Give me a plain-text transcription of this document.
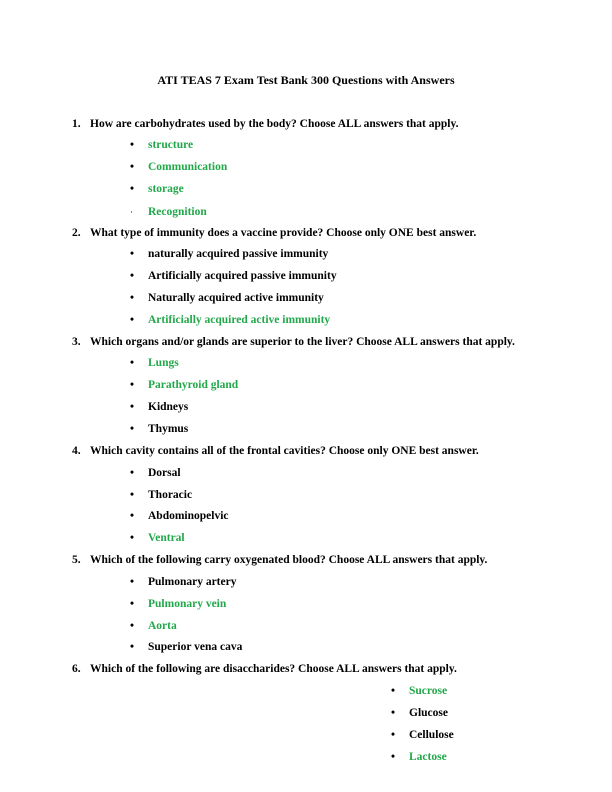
ATI TEAS 7 Exam Test Bank 300 Questions with Answers
1. How are carbohydrates used by the body? Choose ALL answers that apply.
• structure
• Communication
• storage
· Recognition
2. What type of immunity does a vaccine provide? Choose only ONE best answer.
• naturally acquired passive immunity
• Artificially acquired passive immunity
• Naturally acquired active immunity
• Artificially acquired active immunity
3. Which organs and/or glands are superior to the liver? Choose ALL answers that apply.
• Lungs
• Parathyroid gland
• Kidneys
• Thymus
4. Which cavity contains all of the frontal cavities? Choose only ONE best answer.
• Dorsal
• Thoracic
• Abdominopelvic
• Ventral
5. Which of the following carry oxygenated blood? Choose ALL answers that apply.
• Pulmonary artery
• Pulmonary vein
• Aorta
• Superior vena cava
6. Which of the following are disaccharides? Choose ALL answers that apply.
• Sucrose
• Glucose
• Cellulose
• Lactose
